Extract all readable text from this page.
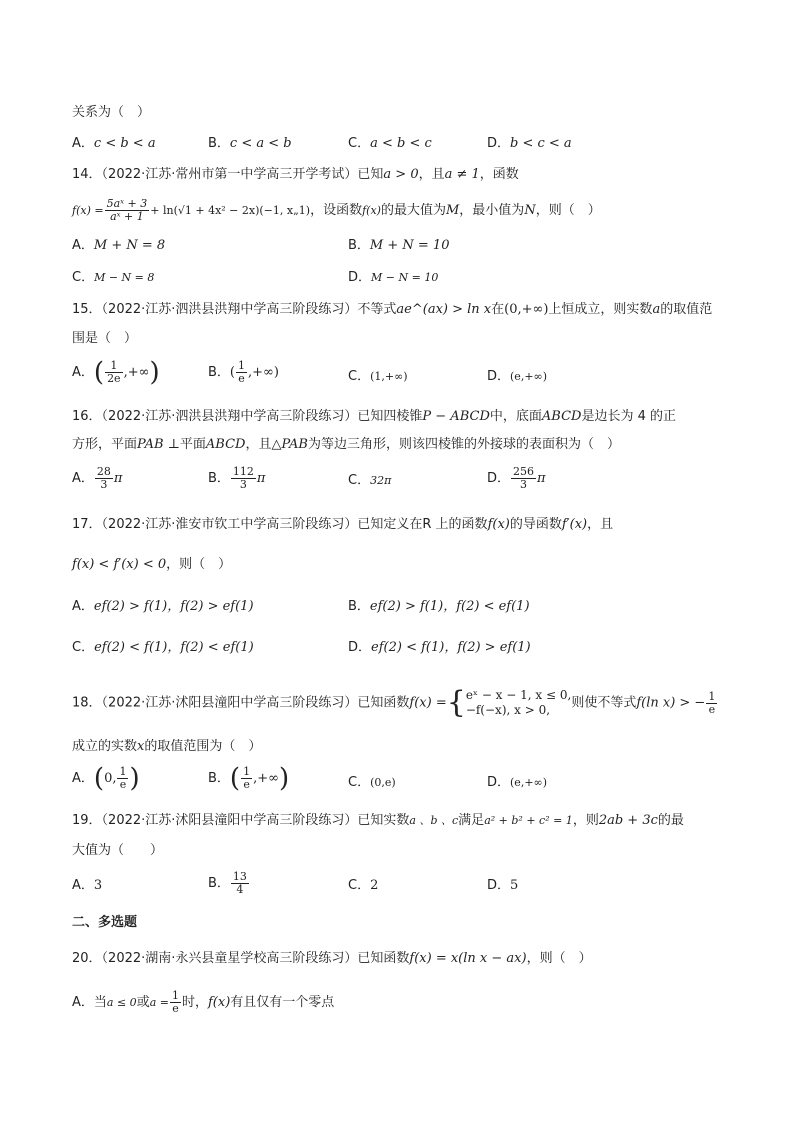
关系为（　）
A．c < b < a	B．c < a < b	C．a < b < c	D．b < c < a
14．（2022·江苏·常州市第一中学高三开学考试）已知a > 0，且a ≠ 1，函数
$f(x) = \frac{\text{5aˣ + 3}}{\text{aˣ + 1}} + \ln(√1 + 4x^2 - 2x)(-1$, x„1)，设函数f(x)的最大值为M，最小值为N，则（　）
A．M + N = 8	B．M + N = 10
C．M − N = 8	D．M − N = 10
15．（2022·江苏·泗洪县洪翔中学高三阶段练习）不等式ae^(ax) > ln x在(0,+∞)上恒成立，则实数a的取值范
围是（　）
A．( $\frac{1}{2e}$ ,+∞)	B．( $\frac{1}{e}$ ,+∞)	C．(1,+∞)	D．(e,+∞)
16．（2022·江苏·泗洪县洪翔中学高三阶段练习）已知四棱锥P − ABCD中，底面ABCD是边长为 4 的正
方形，平面PAB ⊥平面ABCD，且△PAB为等边三角形，则该四棱锥的外接球的表面积为（　）
A． $\frac{28}{3}$ π	B． $\frac{112}{3}$ π	C．32π	D． $\frac{256}{3}$ π
17．（2022·江苏·淮安市钦工中学高三阶段练习）已知定义在R 上的函数f(x)的导函数f′(x)，且
f(x) < f′(x) < 0，则（　）
A．ef(2) > f(1)，f(2) > ef(1)	B．ef(2) > f(1)，f(2) < ef(1)
C．ef(2) < f(1)，f(2) < ef(1)	D．ef(2) < f(1)，f(2) > ef(1)
18．（2022·江苏·沭阳县潼阳中学高三阶段练习）已知函数f(x) ={ eˣ − x − 1, x ≤ 0,
−f(−x), x > 0,	则使不等式f(ln x) > − $\frac{1}{e}$
成立的实数x的取值范围为（　）
A．(0, $\frac{1}{e}$ )	B．( $\frac{1}{e}$ ,+∞)	C．(0,e)	D．(e,+∞)
19．（2022·江苏·沭阳县潼阳中学高三阶段练习）已知实数a 、b 、c满足a² + b² + c² = 1，则2ab + 3c的最
大值为（　　）
A．3	B． $\frac{13}{4}$	C．2	D．5
二、多选题
20．（2022·湖南·永兴县童星学校高三阶段练习）已知函数f(x) = x(ln x − ax)，则（　）
A．当a ≤ 0或$a = \frac{1}{e}$ 时，f(x)有且仅有一个零点
